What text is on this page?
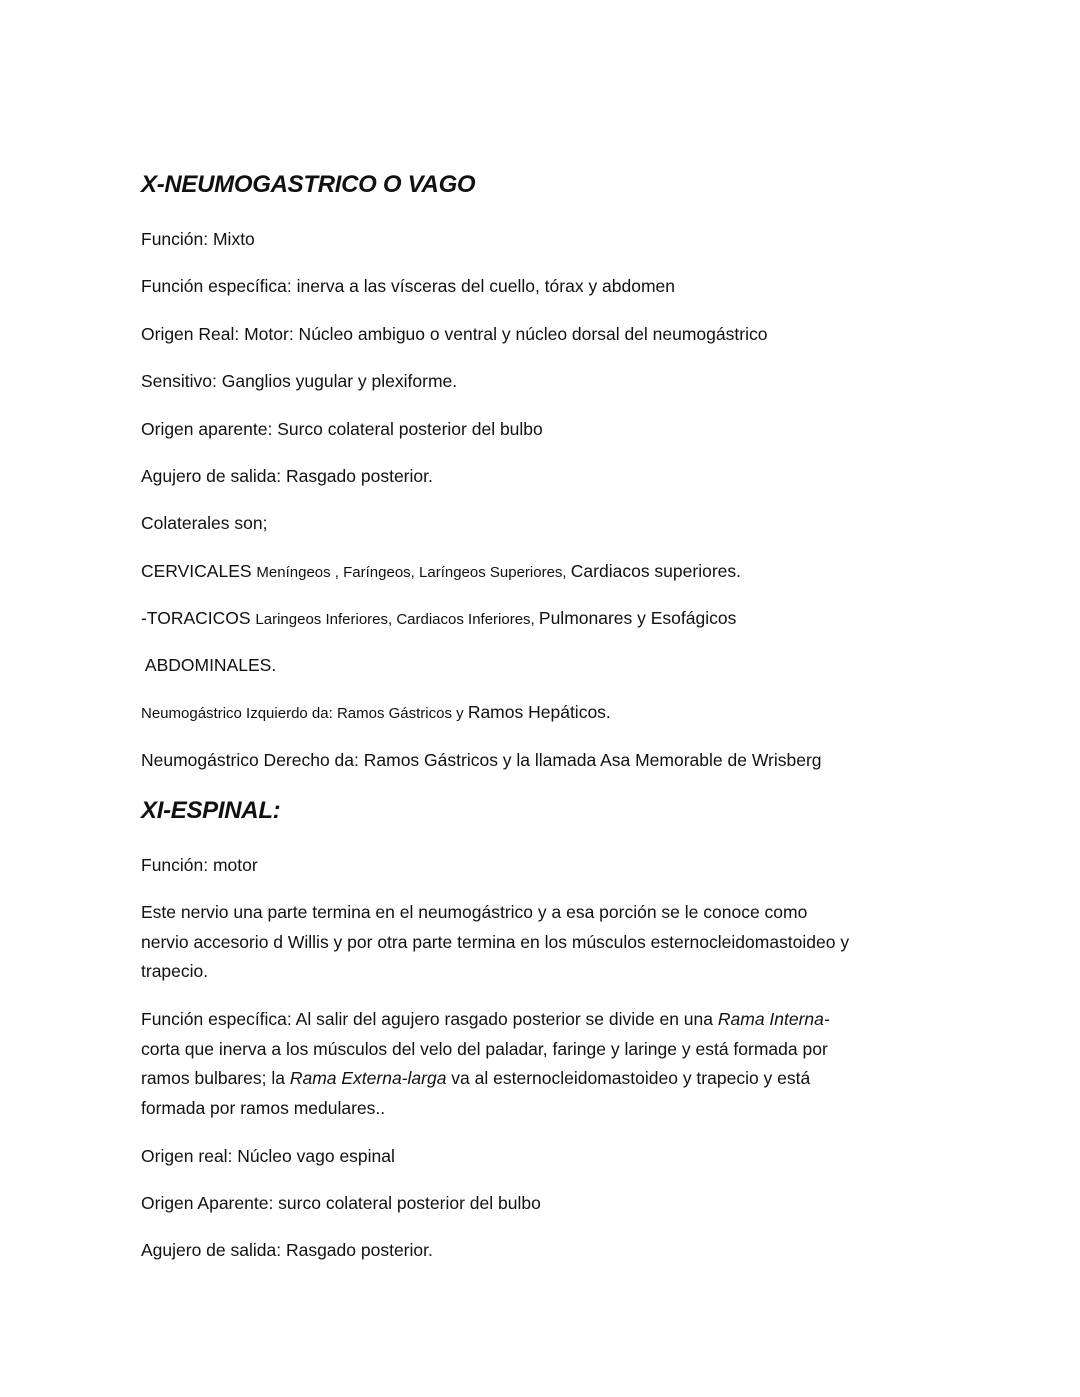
X-NEUMOGASTRICO O VAGO

Función: Mixto

Función específica: inerva a las vísceras del cuello, tórax y abdomen

Origen Real: Motor: Núcleo ambiguo o ventral y núcleo dorsal del neumogástrico

Sensitivo: Ganglios yugular y plexiforme.

Origen aparente: Surco colateral posterior del bulbo

Agujero de salida: Rasgado posterior.

Colaterales son;

CERVICALES Meníngeos , Faríngeos, Laríngeos Superiores, Cardiacos superiores.

-TORACICOS Laringeos Inferiores, Cardiacos Inferiores, Pulmonares y Esofágicos

ABDOMINALES.

Neumogástrico Izquierdo da: Ramos Gástricos y Ramos Hepáticos.

Neumogástrico Derecho da: Ramos Gástricos y la llamada Asa Memorable de Wrisberg

XI-ESPINAL:

Función: motor

Este nervio una parte termina en el neumogástrico y a esa porción se le conoce como
nervio accesorio d Willis y por otra parte termina en los músculos esternocleidomastoideo y
trapecio.

Función específica: Al salir del agujero rasgado posterior se divide en una Rama Interna-
corta que inerva a los músculos del velo del paladar, faringe y laringe y está formada por
ramos bulbares; la Rama Externa-larga va al esternocleidomastoideo y trapecio y está
formada por ramos medulares..

Origen real: Núcleo vago espinal

Origen Aparente: surco colateral posterior del bulbo

Agujero de salida: Rasgado posterior.
